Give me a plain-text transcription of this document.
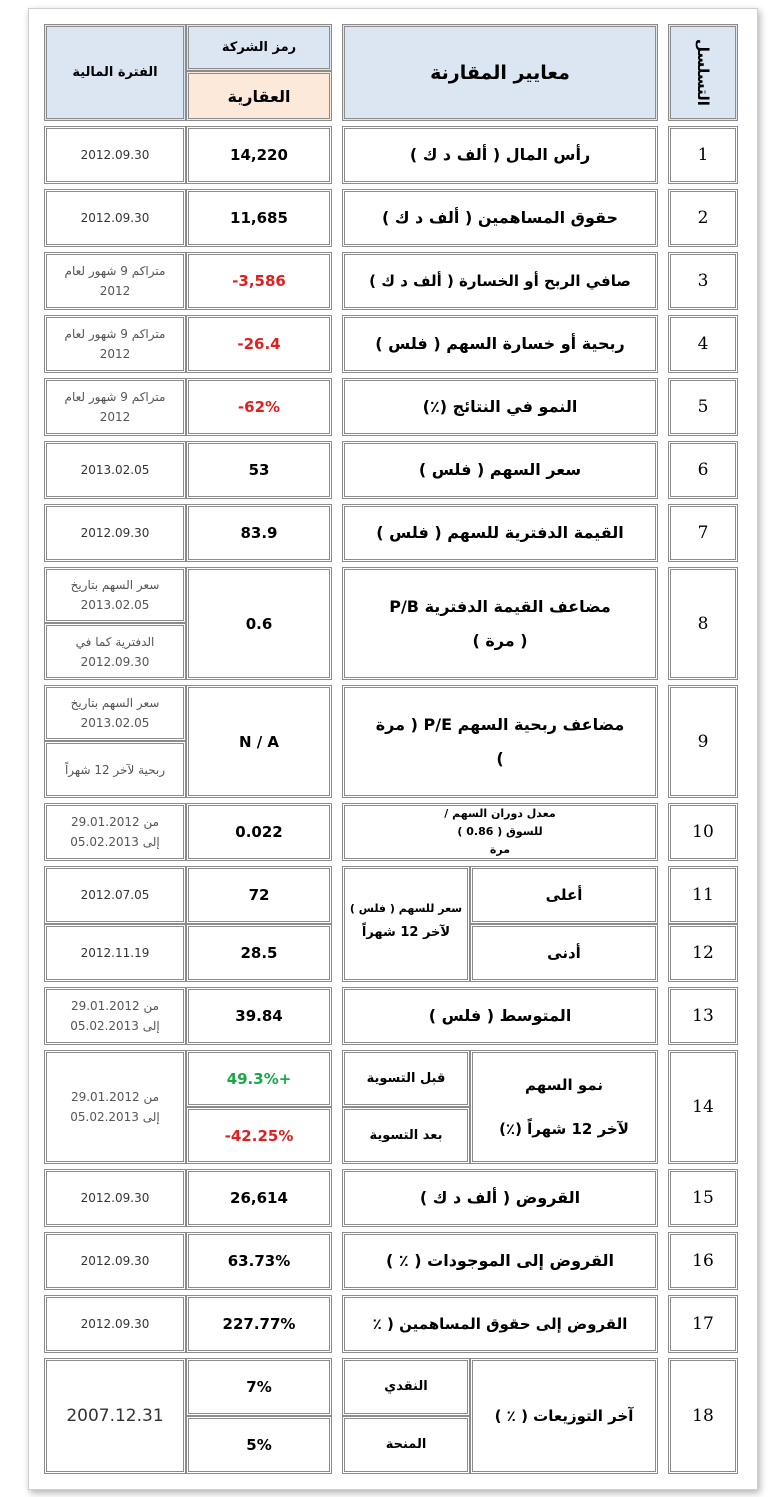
التسلسل
معايير المقارنة
رمز الشركة
العقارية
الفترة المالية
1
رأس المال ( ألف د ك )
14,220
2012.09.30
2
حقوق المساهمين ( ألف د ك )
11,685
2012.09.30
3
صافي الربح أو الخسارة ( ألف د ك )
-3,586
متراكم 9 شهور لعام
2012
4
ربحية أو خسارة السهم ( فلس )
-26.4
متراكم 9 شهور لعام
2012
5
النمو في النتائج (٪)
-62%
متراكم 9 شهور لعام
2012
6
سعر السهم ( فلس )
53
2013.02.05
7
القيمة الدفترية للسهم ( فلس )
83.9
2012.09.30
8
مضاعف القيمة الدفترية P/B
( مرة )
0.6
سعر السهم بتاريخ
2013.02.05
الدفترية كما في
2012.09.30
9
مضاعف ربحية السهم P/E ( مرة
)
N / A
سعر السهم بتاريخ
2013.02.05
ربحية لآخر 12 شهراً
10
معدل دوران السهم /
للسوق ( 0.86 )
مرة
0.022
من 29.01.2012
إلى 05.02.2013
11
12
أعلى
أدنى
سعر للسهم ( فلس )
لآخر 12 شهراً
72
28.5
2012.07.05
2012.11.19
13
المتوسط ( فلس )
39.84
من 29.01.2012
إلى 05.02.2013
14
نمو السهم
لآخر 12 شهراً (٪)
قبل التسوية
بعد التسوية
49.3%+
-42.25%
من 29.01.2012
إلى 05.02.2013
15
القروض ( ألف د ك )
26,614
2012.09.30
16
القروض إلى الموجودات ( ٪ )
63.73%
2012.09.30
17
القروض إلى حقوق المساهمين ( ٪
227.77%
2012.09.30
18
آخر التوزيعات ( ٪ )
النقدي
المنحة
7%
5%
2007.12.31
